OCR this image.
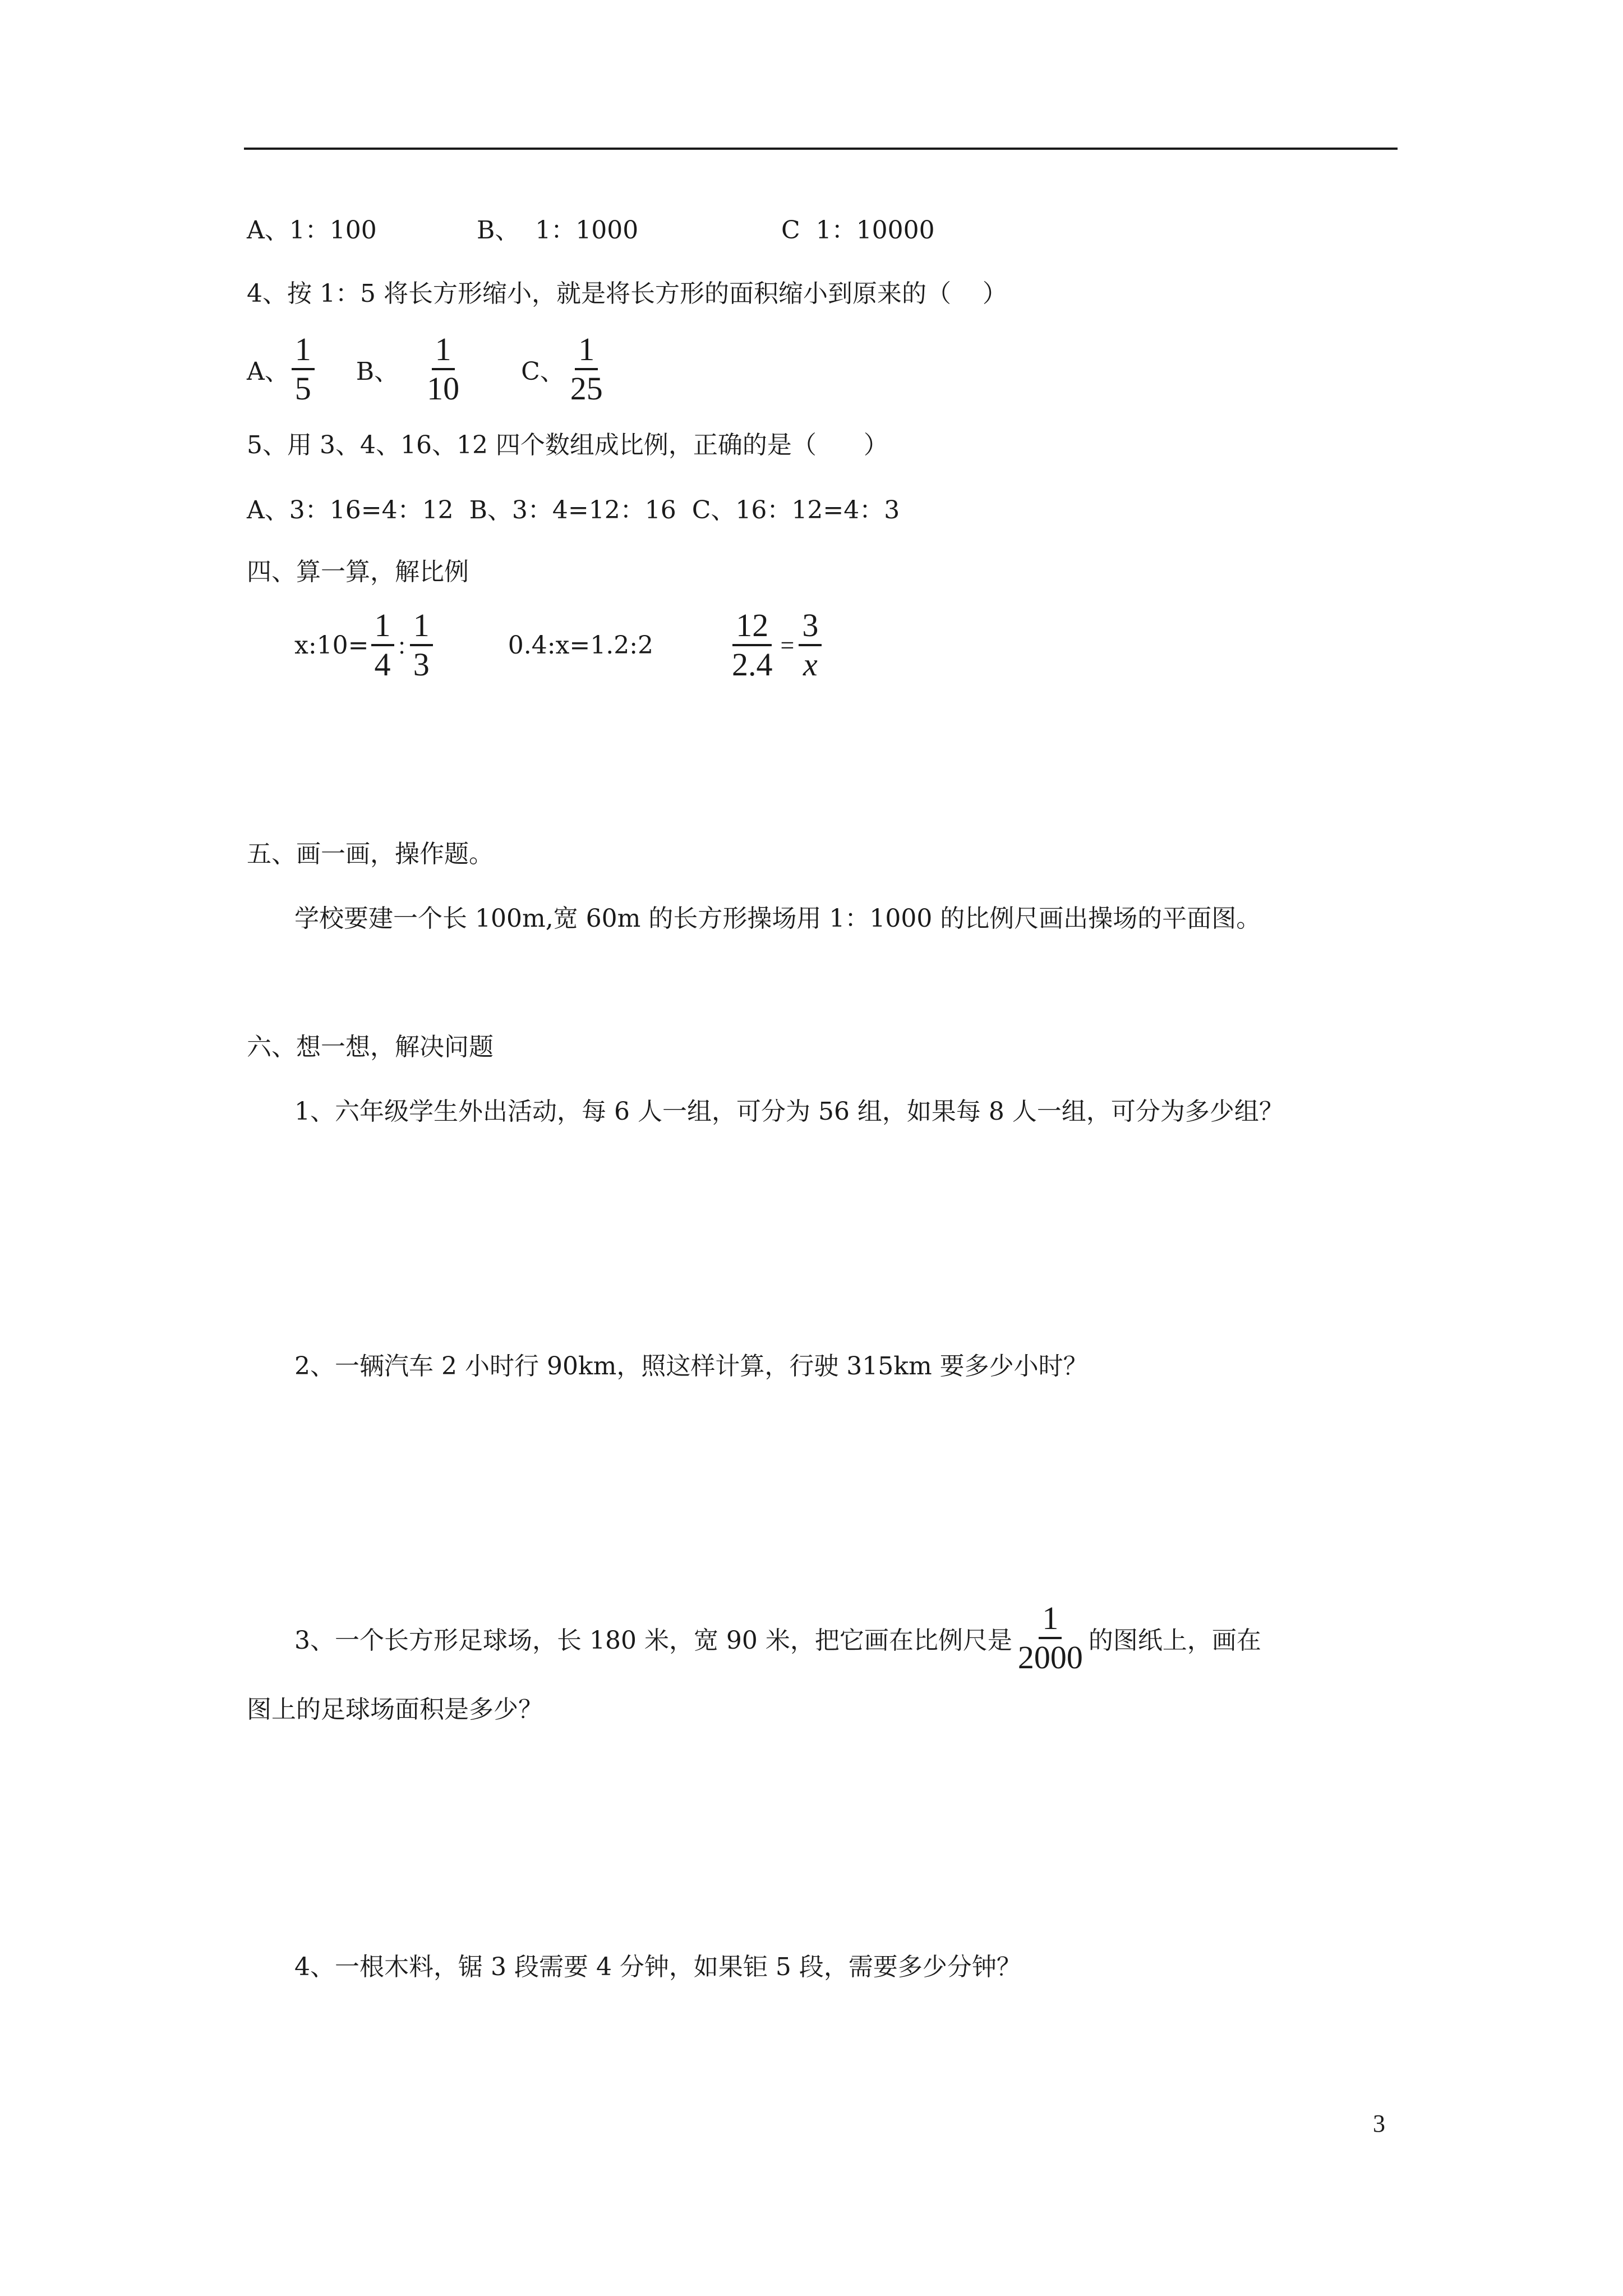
A、1：100	B、  1：1000	C  1：10000
4、按 1：5 将长方形缩小，就是将长方形的面积缩小到原来的（    ）
A、 $\frac{1}{5}$ B、 $\frac{1}{10}$ C、 $\frac{1}{25}$
5、用 3、4、16、12 四个数组成比例，正确的是（      ）
A、3：16=4：12  B、3：4=12：16  C、16：12=4：3
四、算一算，解比例
x:10= $\frac{1}{4}$ : $\frac{1}{3}$	0.4:x=1.2:2 $\frac{12}{2.4} = \frac{3}{x}$
五、画一画，操作题。
学校要建一个长 100m,宽 60m 的长方形操场用 1：1000 的比例尺画出操场的平面图。
六、想一想，解决问题
1、六年级学生外出活动，每 6 人一组，可分为 56 组，如果每 8 人一组，可分为多少组？
2、一辆汽车 2 小时行 90km，照这样计算，行驶 315km 要多少小时？
3、一个长方形足球场，长 180 米，宽 90 米，把它画在比例尺是 $\frac{1}{2000}$ 的图纸上，画在
图上的足球场面积是多少？
4、一根木料，锯 3 段需要 4 分钟，如果钜 5 段，需要多少分钟？
3
